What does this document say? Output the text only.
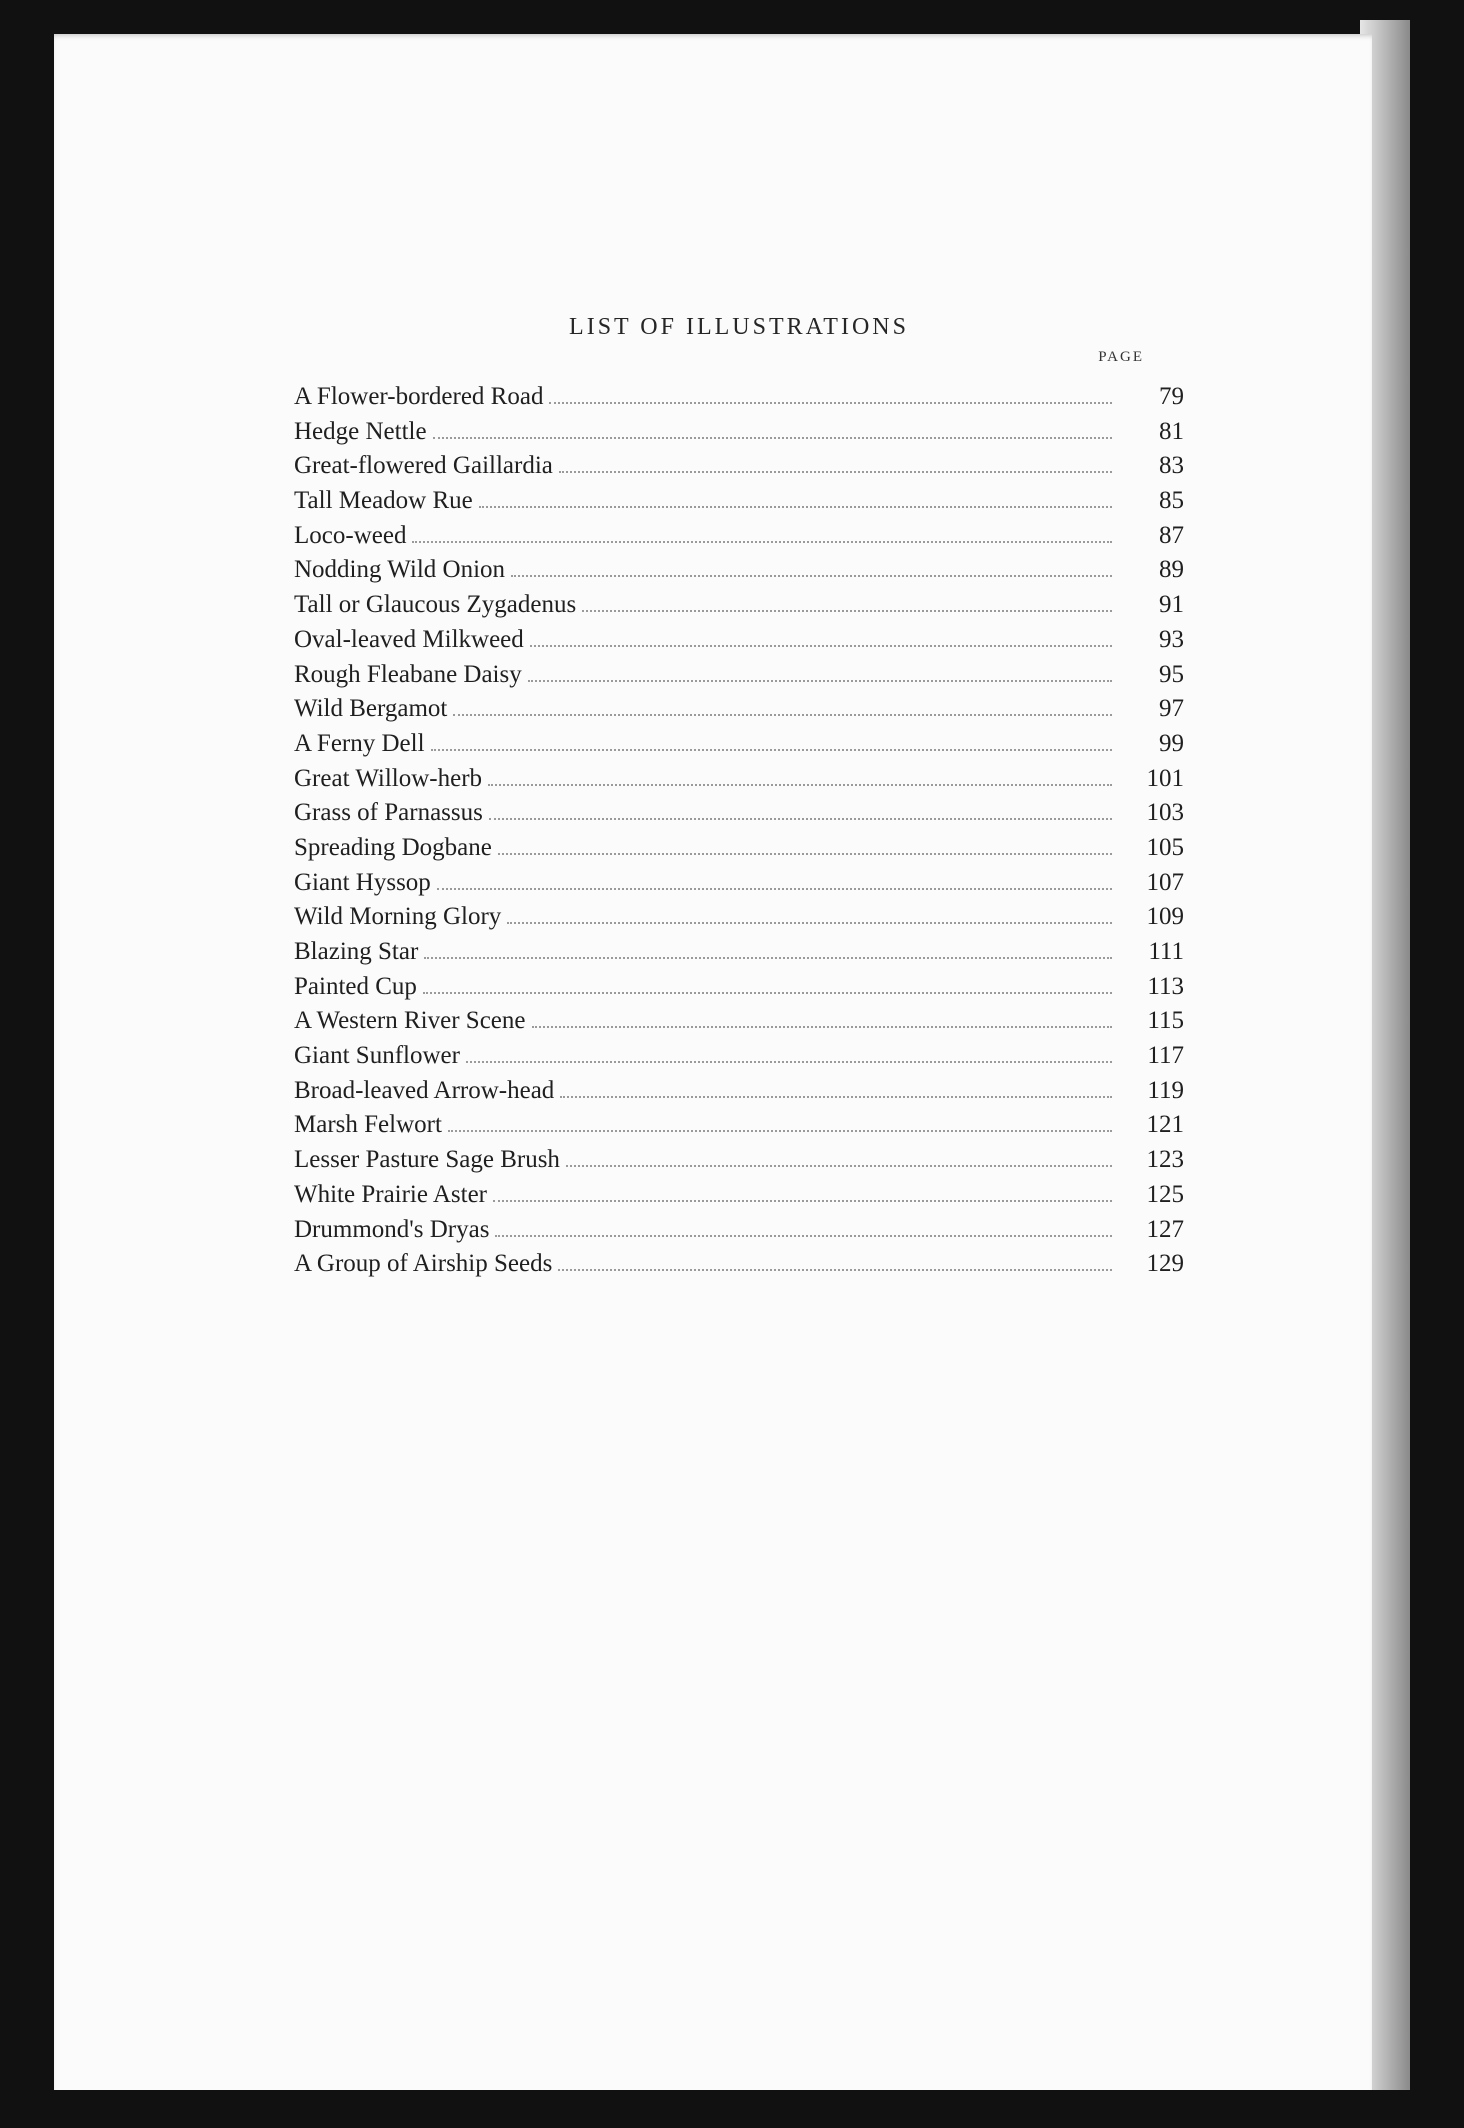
LIST OF ILLUSTRATIONS
PAGE
A Flower-bordered Road	79
Hedge Nettle	81
Great-flowered Gaillardia	83
Tall Meadow Rue	85
Loco-weed	87
Nodding Wild Onion	89
Tall or Glaucous Zygadenus	91
Oval-leaved Milkweed	93
Rough Fleabane Daisy	95
Wild Bergamot	97
A Ferny Dell	99
Great Willow-herb	101
Grass of Parnassus	103
Spreading Dogbane	105
Giant Hyssop	107
Wild Morning Glory	109
Blazing Star	111
Painted Cup	113
A Western River Scene	115
Giant Sunflower	117
Broad-leaved Arrow-head	119
Marsh Felwort	121
Lesser Pasture Sage Brush	123
White Prairie Aster	125
Drummond's Dryas	127
A Group of Airship Seeds	129
